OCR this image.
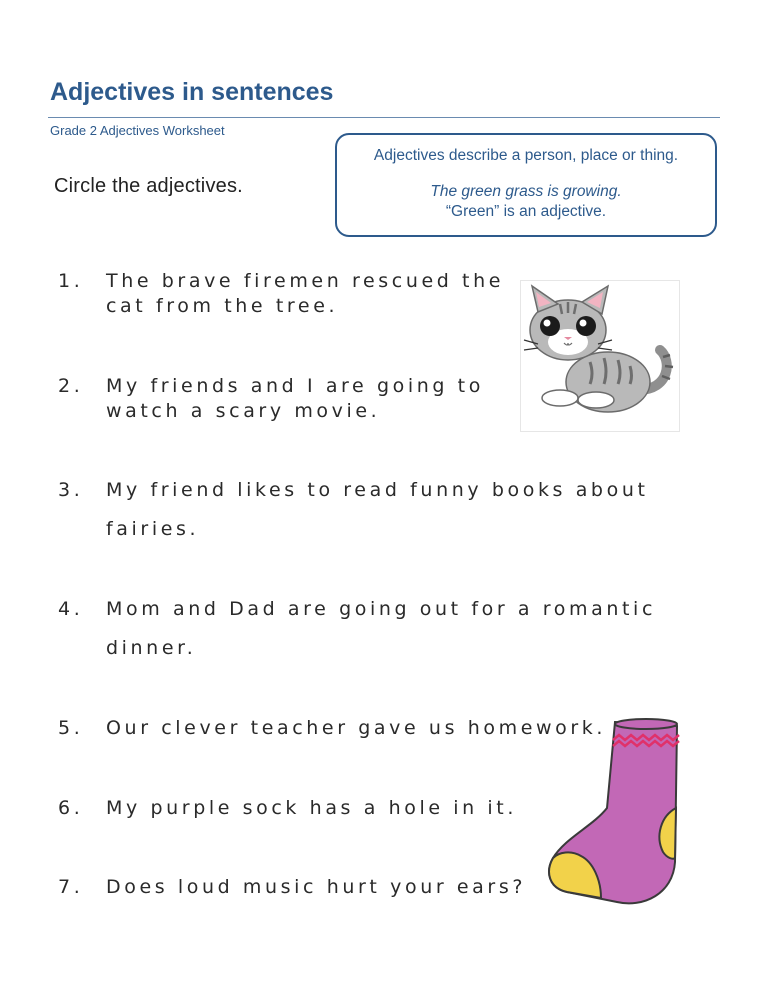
Adjectives in sentences
Grade 2 Adjectives Worksheet
Circle the adjectives.
Adjectives describe a person, place or thing.
The green grass is growing.
“Green” is an adjective.
1. The brave firemen rescued the
cat from the tree.
2. My friends and I are going to
watch a scary movie.
3. My friend likes to read funny books about
fairies.
4. Mom and Dad are going out for a romantic
dinner.
5. Our clever teacher gave us homework.
6. My purple sock has a hole in it.
7. Does loud music hurt your ears?
